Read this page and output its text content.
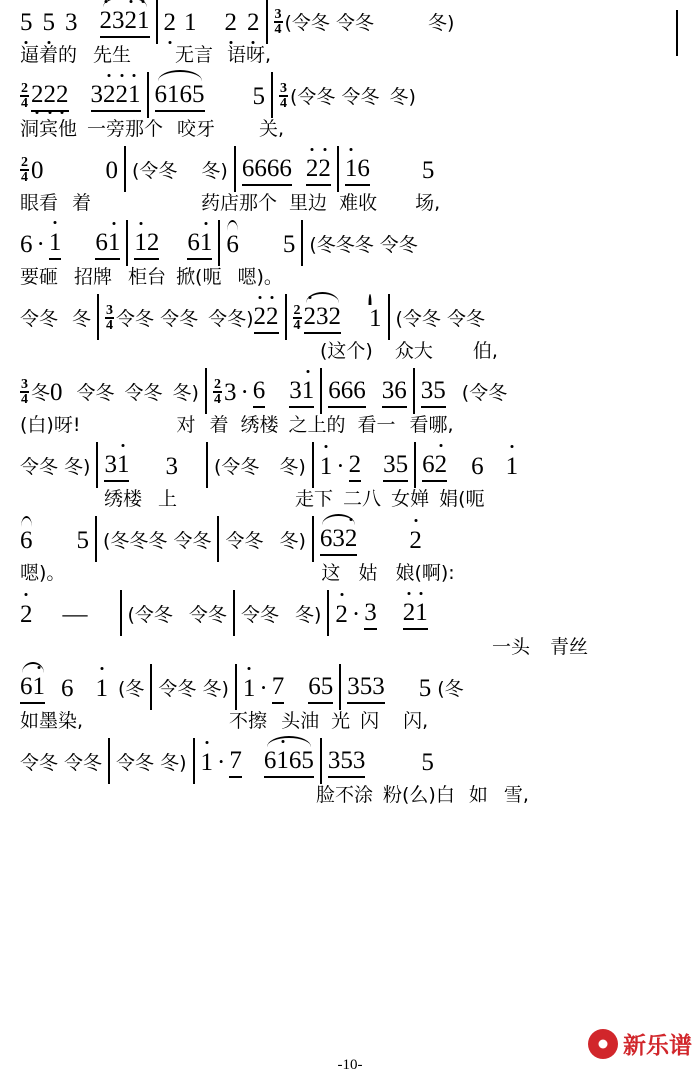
5 5 3 2321 2 1 2 2 3
4 (令冬 令冬	冬)
逼着的 先生 无言 语呀,
2
4 222 3221 6165 5 3
4 (令冬 令冬 冬)
洞宾他 一旁那个 咬牙 关,
2
4 0 0 (令冬 冬) 6666 22 16 5
眼看 着	药店那个 里边 难收 场,
6 · 1 61 12 61 6 5 (冬冬冬 令冬
要砸 招牌 柜台 掀(呃 嗯)。
令冬 冬 3
4 令冬 令冬 令冬) 22 2
4 232 1 (令冬 令冬
(这个) 众大 伯,
3
4 冬 0 令冬 令冬 冬) 2
4 3 · 6 31 666 36 35 (令冬
(白)呀!	对 着 绣楼 之上的 看一 看哪,
令冬 冬) 31 3 (令冬 冬) 1 · 2 35 62 6 1
绣楼 上	走下 二八 女婵 娟(呃
6 5 (冬冬冬 令冬 令冬 冬) 632 2
嗯)。	这 姑 娘(啊):
2 — (令冬 令冬 令冬 冬) 2 · 3 21
一头 青丝
61 6 1 (冬 令冬 冬) 1 · 7 65 353 5 (冬
如墨染,	不擦 头油 光 闪 闪,
令冬 令冬 令冬 冬) 1 · 7 6165 353 5
脸不涂 粉(么)白 如 雪,
新乐谱
-10-
